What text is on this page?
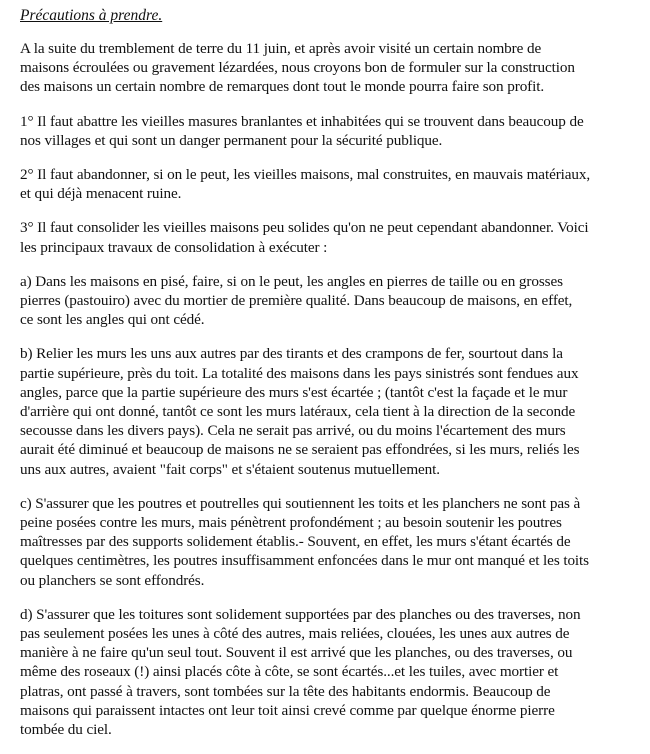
Précautions à prendre.
A la suite du tremblement de terre du 11 juin, et après avoir visité un certain nombre de
maisons écroulées ou gravement lézardées, nous croyons bon de formuler sur la construction
des maisons un certain nombre de remarques dont tout le monde pourra faire son profit.
1° Il faut abattre les vieilles masures branlantes et inhabitées qui se trouvent dans beaucoup de
nos villages et qui sont un danger permanent pour la sécurité publique.
2° Il faut abandonner, si on le peut, les vieilles maisons, mal construites, en mauvais matériaux,
et qui déjà menacent ruine.
3° Il faut consolider les vieilles maisons peu solides qu'on ne peut cependant abandonner. Voici
les principaux travaux de consolidation à exécuter :
a) Dans les maisons en pisé, faire, si on le peut, les angles en pierres de taille ou en grosses
pierres (pastouiro) avec du mortier de première qualité. Dans beaucoup de maisons, en effet,
ce sont les angles qui ont cédé.
b) Relier les murs les uns aux autres par des tirants et des crampons de fer, sourtout dans la
partie supérieure, près du toit. La totalité des maisons dans les pays sinistrés sont fendues aux
angles, parce que la partie supérieure des murs s'est écartée ; (tantôt c'est la façade et le mur
d'arrière qui ont donné, tantôt ce sont les murs latéraux, cela tient à la direction de la seconde
secousse dans les divers pays). Cela ne serait pas arrivé, ou du moins l'écartement des murs
aurait été diminué et beaucoup de maisons ne se seraient pas effondrées, si les murs, reliés les
uns aux autres, avaient "fait corps" et s'étaient soutenus mutuellement.
c) S'assurer que les poutres et poutrelles qui soutiennent les toits et les planchers ne sont pas à
peine posées contre les murs, mais pénètrent profondément ; au besoin soutenir les poutres
maîtresses par des supports solidement établis.- Souvent, en effet, les murs s'étant écartés de
quelques centimètres, les poutres insuffisamment enfoncées dans le mur ont manqué et les toits
ou planchers se sont effondrés.
d) S'assurer que les toitures sont solidement supportées par des planches ou des traverses, non
pas seulement posées les unes à côté des autres, mais reliées, clouées, les unes aux autres de
manière à ne faire qu'un seul tout. Souvent il est arrivé que les planches, ou des traverses, ou
même des roseaux (!) ainsi placés côte à côte, se sont écartés...et les tuiles, avec mortier et
platras, ont passé à travers, sont tombées sur la tête des habitants endormis. Beaucoup de
maisons qui paraissent intactes ont leur toit ainsi crevé comme par quelque énorme pierre
tombée du ciel.
